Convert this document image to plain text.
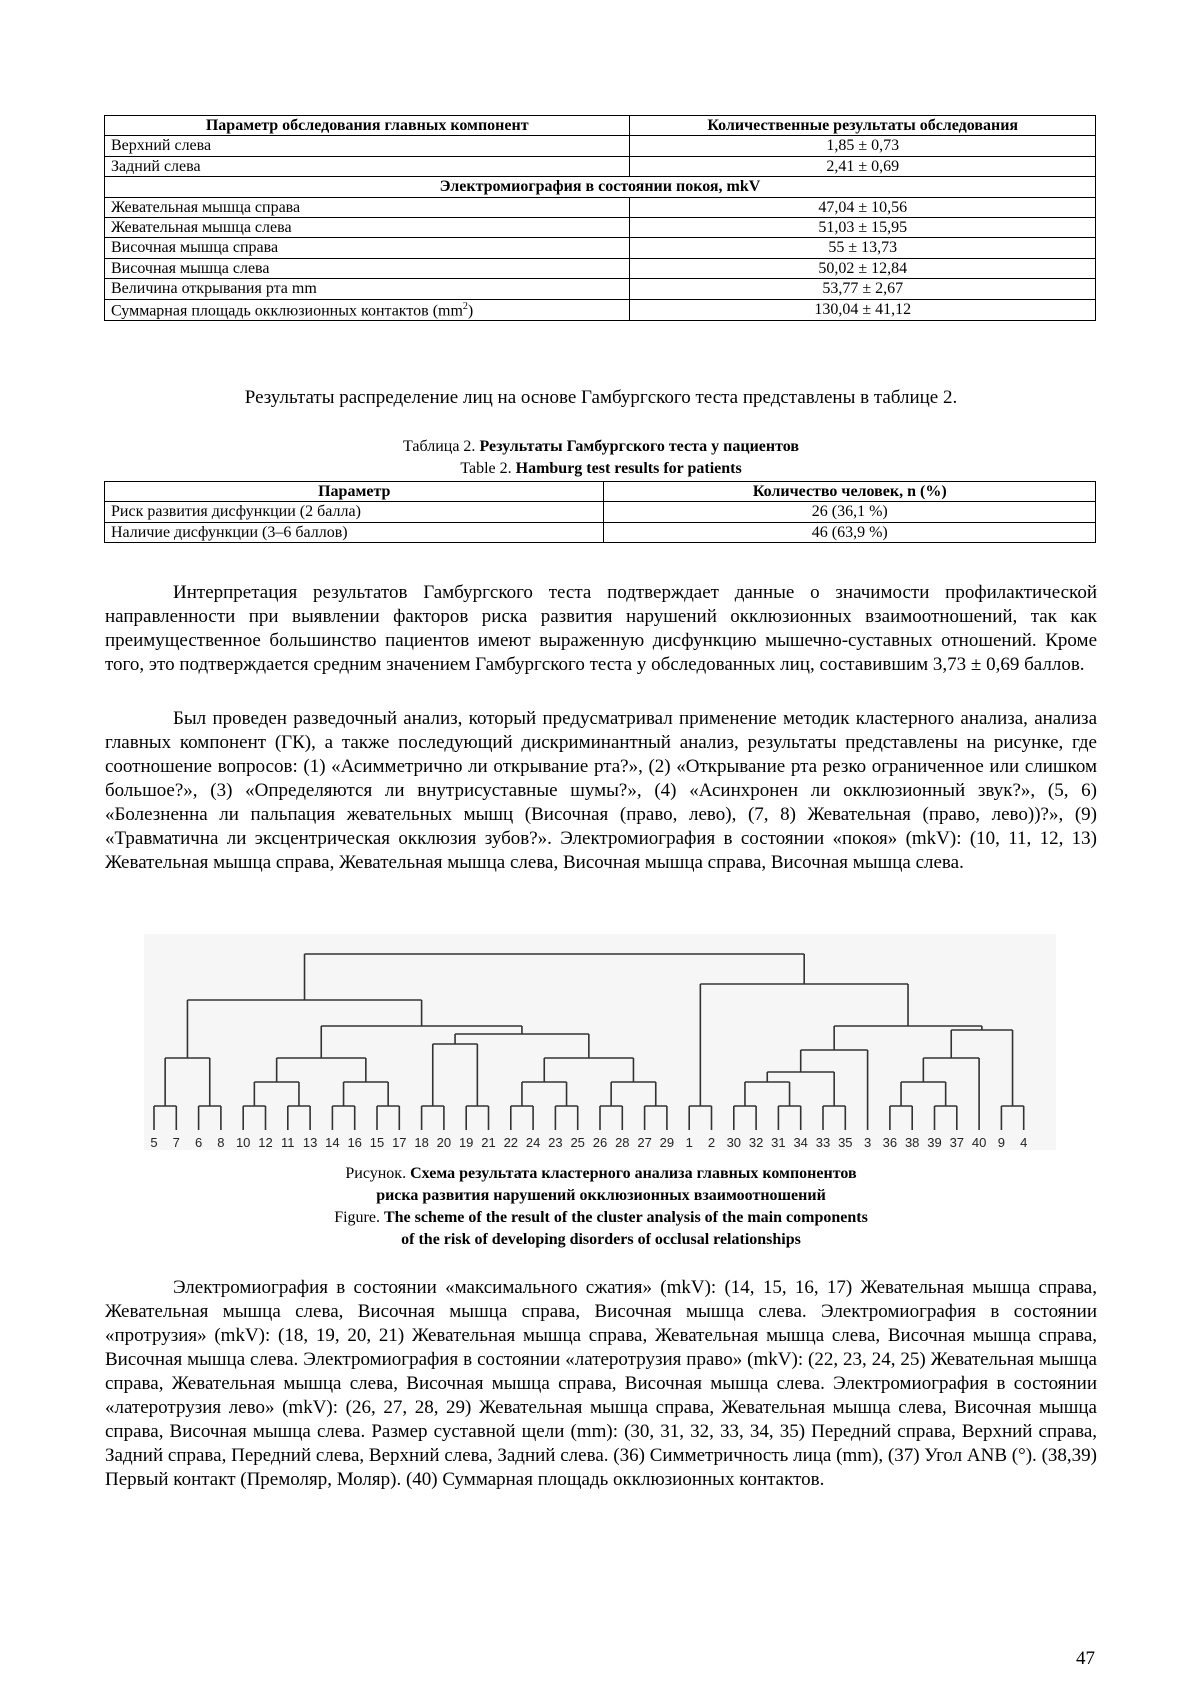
Параметр обследования главных компонент	Количественные результаты обследования
Верхний слева	1,85 ± 0,73
Задний слева	2,41 ± 0,69
Электромиография в состоянии покоя, mkV	
Жевательная мышца справа	47,04 ± 10,56
Жевательная мышца слева	51,03 ± 15,95
Височная мышца справа	55 ± 13,73
Височная мышца слева	50,02 ± 12,84
Величина открывания рта mm	53,77 ± 2,67
Суммарная площадь окклюзионных контактов $(mm^2)$	130,04 ± 41,12

Результаты распределение лиц на основе Гамбургского теста представлены в таблице 2.

Таблица 2. Результаты Гамбургского теста у пациентов

Table 2. Hamburg test results for patients

Параметр	Количество человек, n (%)
Риск развития дисфункции (2 балла)	26 (36,1 %)
Наличие дисфункции (3–6 баллов)	46 (63,9 %)

Интерпретация результатов Гамбургского теста подтверждает данные о значимости профилактической направленности при выявлении факторов риска развития нарушений окклюзионных взаимоотношений, так как преимущественное большинство пациентов имеют выраженную дисфункцию мышечно-суставных отношений. Кроме того, это подтверждается средним значением Гамбургского теста у обследованных лиц, составившим 3,73 ± 0,69 баллов.

Был проведен разведочный анализ, который предусматривал применение методик кластерного анализа, анализа главных компонент (ГК), а также последующий дискриминантный анализ, результаты представлены на рисунке, где соотношение вопросов: (1) «Асимметрично ли открывание рта?», (2) «Открывание рта резко ограниченное или слишком большое?», (3) «Определяются ли внутрисуставные шумы?», (4) «Асинхронен ли окклюзионный звук?», (5, 6) «Болезненна ли пальпация жевательных мышц (Височная (право, лево), (7, 8) Жевательная (право, лево))?», (9) «Травматична ли эксцентрическая окклюзия зубов?». Электромиография в состоянии «покоя» (mkV): (10, 11, 12, 13) Жевательная мышца справа, Жевательная мышца слева, Височная мышца справа, Височная мышца слева.

5 7 6 8 10 12 11 13 14 16 15 17 18 20 19 21 22 24 23 25 26 28 27 29 1 2 30 32 31 34 33 35 3 36 38 39 37 40 9 4

Рисунок. Схема результата кластерного анализа главных компонентов

риска развития нарушений окклюзионных взаимоотношений

Figure. The scheme of the result of the cluster analysis of the main components

of the risk of developing disorders of occlusal relationships

Электромиография в состоянии «максимального сжатия» (mkV): (14, 15, 16, 17) Жевательная мышца справа, Жевательная мышца слева, Височная мышца справа, Височная мышца слева. Электромиография в состоянии «протрузия» (mkV): (18, 19, 20, 21) Жевательная мышца справа, Жевательная мышца слева, Височная мышца справа, Височная мышца слева. Электромиография в состоянии «латеротрузия право» (mkV): (22, 23, 24, 25) Жевательная мышца справа, Жевательная мышца слева, Височная мышца справа, Височная мышца слева. Электромиография в состоянии «латеротрузия лево» (mkV): (26, 27, 28, 29) Жевательная мышца справа, Жевательная мышца слева, Височная мышца справа, Височная мышца слева. Размер суставной щели (mm): (30, 31, 32, 33, 34, 35) Передний справа, Верхний справа, Задний справа, Передний слева, Верхний слева, Задний слева. (36) Симметричность лица (mm), (37) Угол ANB (°). (38,39) Первый контакт (Премоляр, Моляр). (40) Суммарная площадь окклюзионных контактов.

47
